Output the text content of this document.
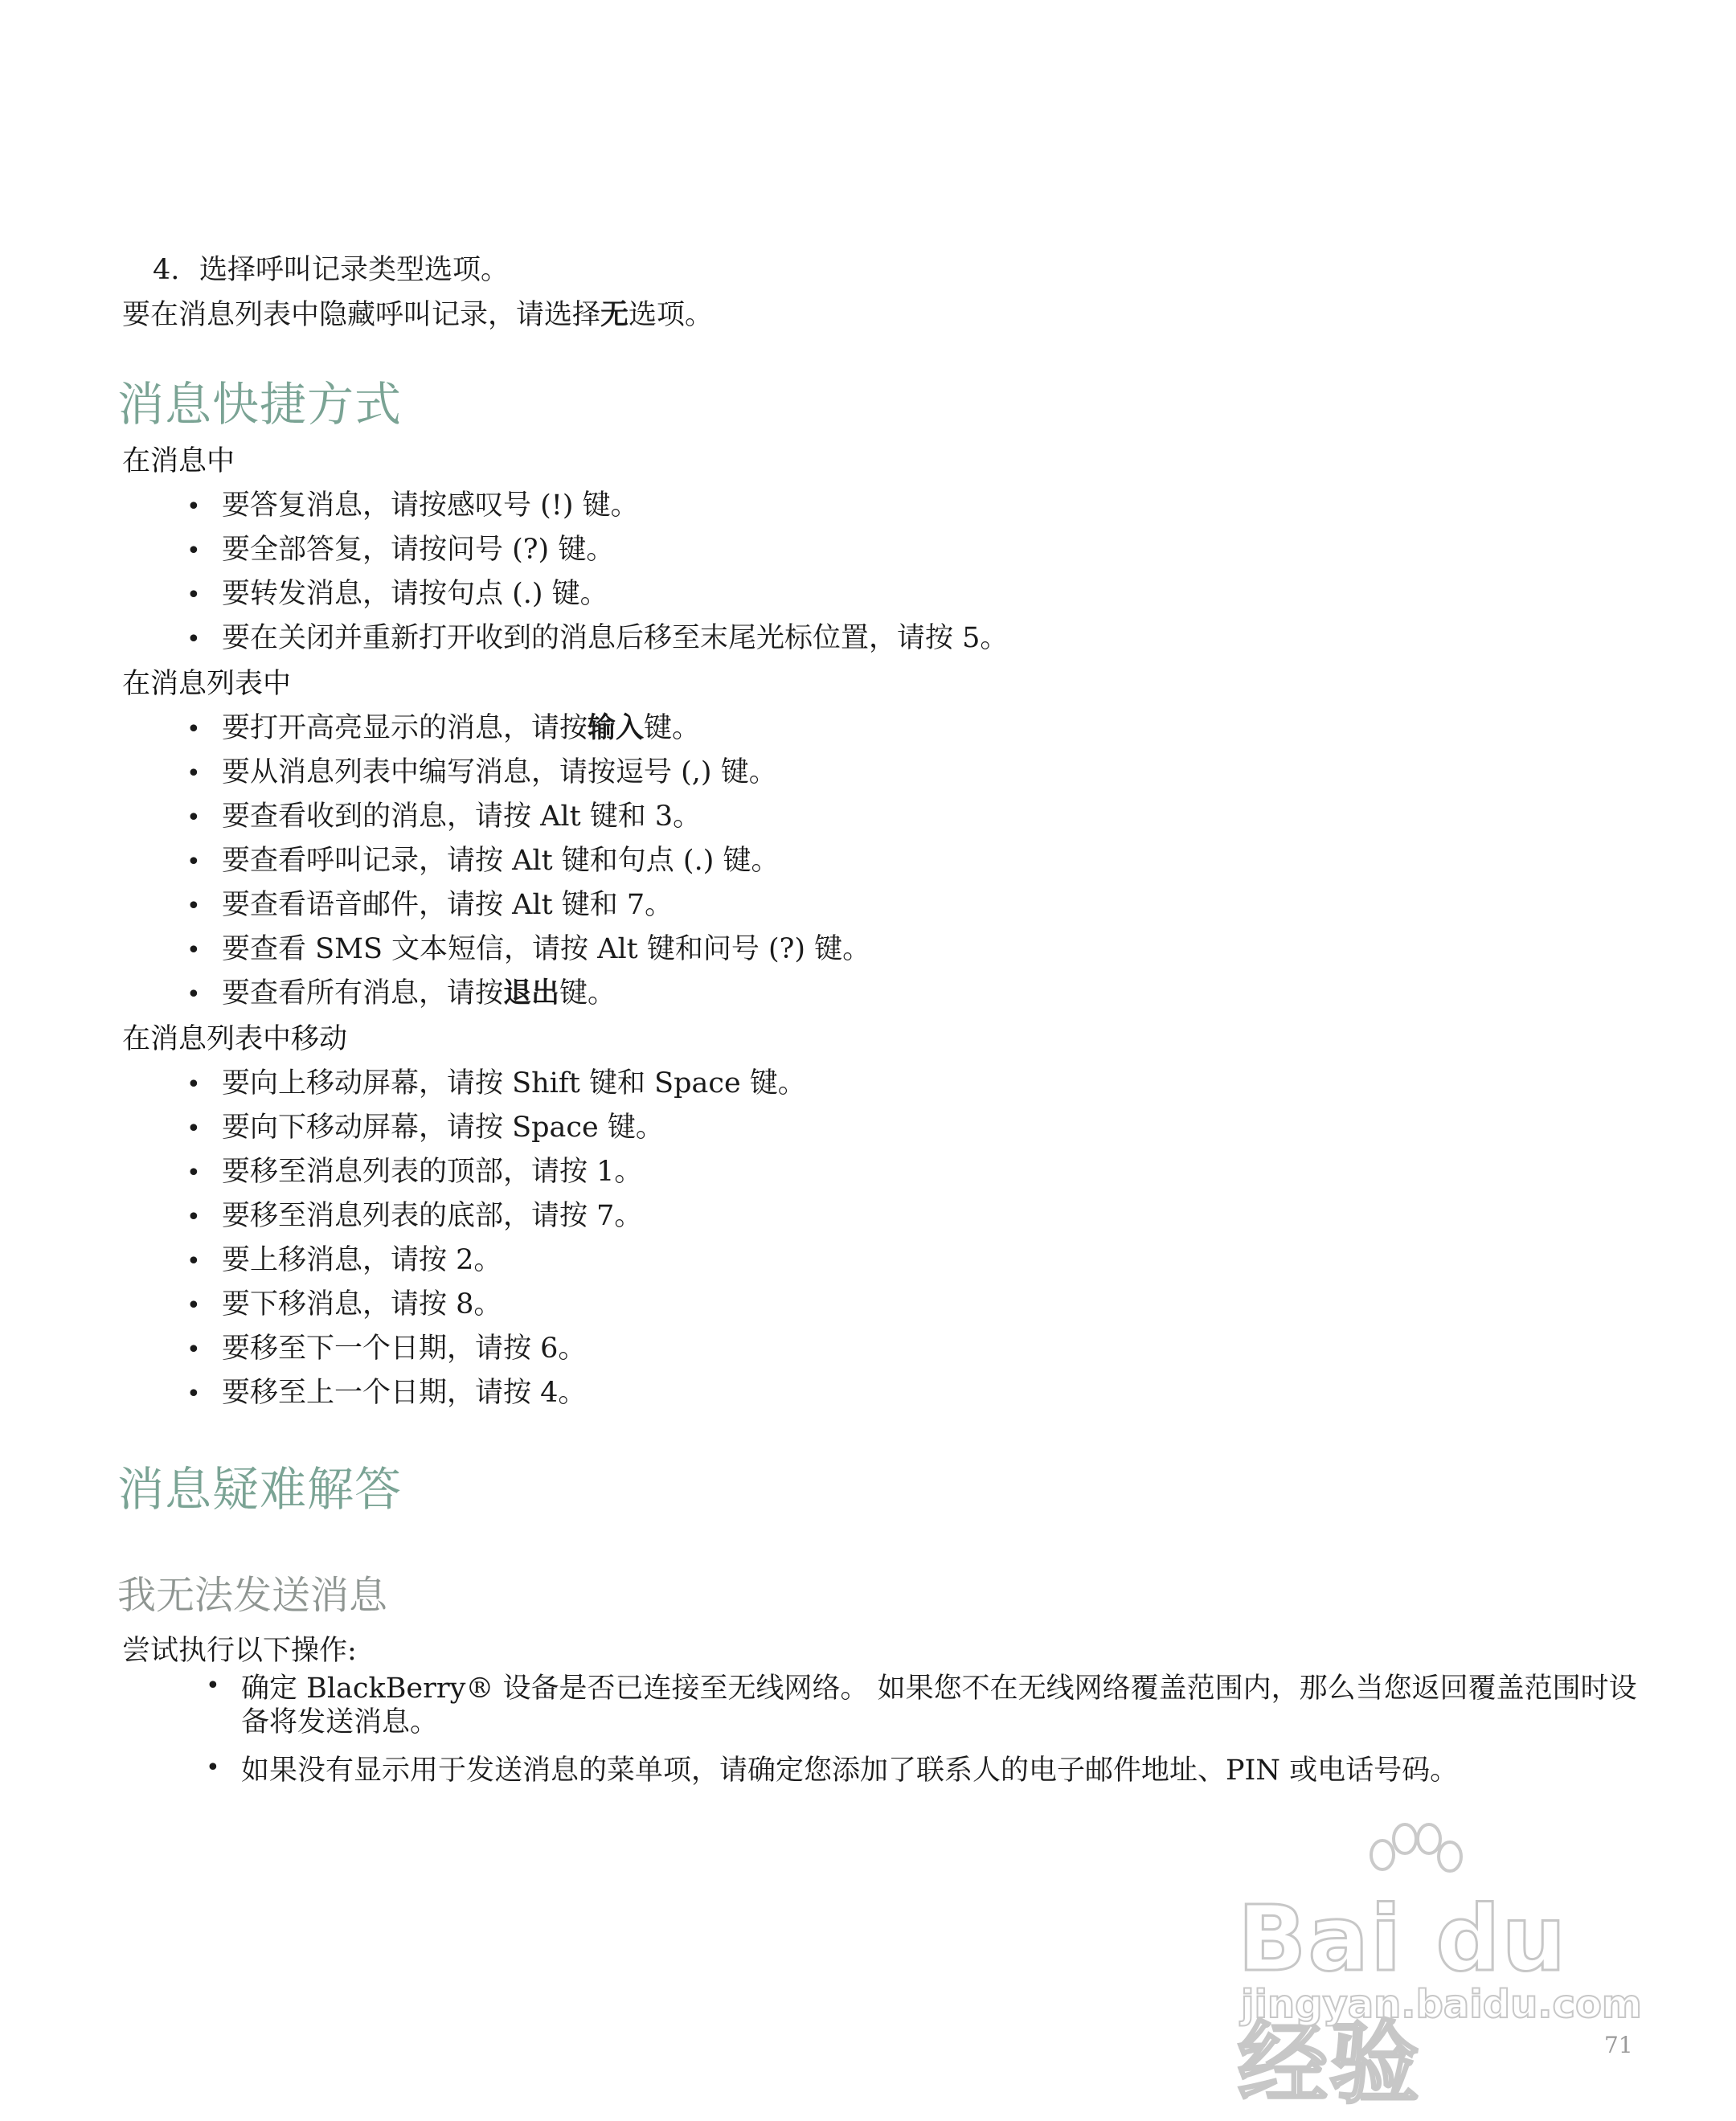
4. 选择呼叫记录类型选项。
要在消息列表中隐藏呼叫记录，请选择无选项。
消息快捷方式
在消息中
• 要答复消息，请按感叹号 (!) 键。
• 要全部答复，请按问号 (?) 键。
• 要转发消息，请按句点 (.) 键。
• 要在关闭并重新打开收到的消息后移至末尾光标位置，请按 5。
在消息列表中
• 要打开高亮显示的消息，请按输入键。
• 要从消息列表中编写消息，请按逗号 (,) 键。
• 要查看收到的消息，请按 Alt 键和 3。
• 要查看呼叫记录，请按 Alt 键和句点 (.) 键。
• 要查看语音邮件，请按 Alt 键和 7。
• 要查看 SMS 文本短信，请按 Alt 键和问号 (?) 键。
• 要查看所有消息，请按退出键。
在消息列表中移动
• 要向上移动屏幕，请按 Shift 键和 Space 键。
• 要向下移动屏幕，请按 Space 键。
• 要移至消息列表的顶部，请按 1。
• 要移至消息列表的底部，请按 7。
• 要上移消息，请按 2。
• 要下移消息，请按 8。
• 要移至下一个日期，请按 6。
• 要移至上一个日期，请按 4。
消息疑难解答
我无法发送消息
尝试执行以下操作:
• 确定 BlackBerry® 设备是否已连接至无线网络。 如果您不在无线网络覆盖范围内，那么当您返回覆盖范围时设备将发送消息。
• 如果没有显示用于发送消息的菜单项，请确定您添加了联系人的电子邮件地址、PIN 或电话号码。
Bai du 经验
jingyan.baidu.com
71
